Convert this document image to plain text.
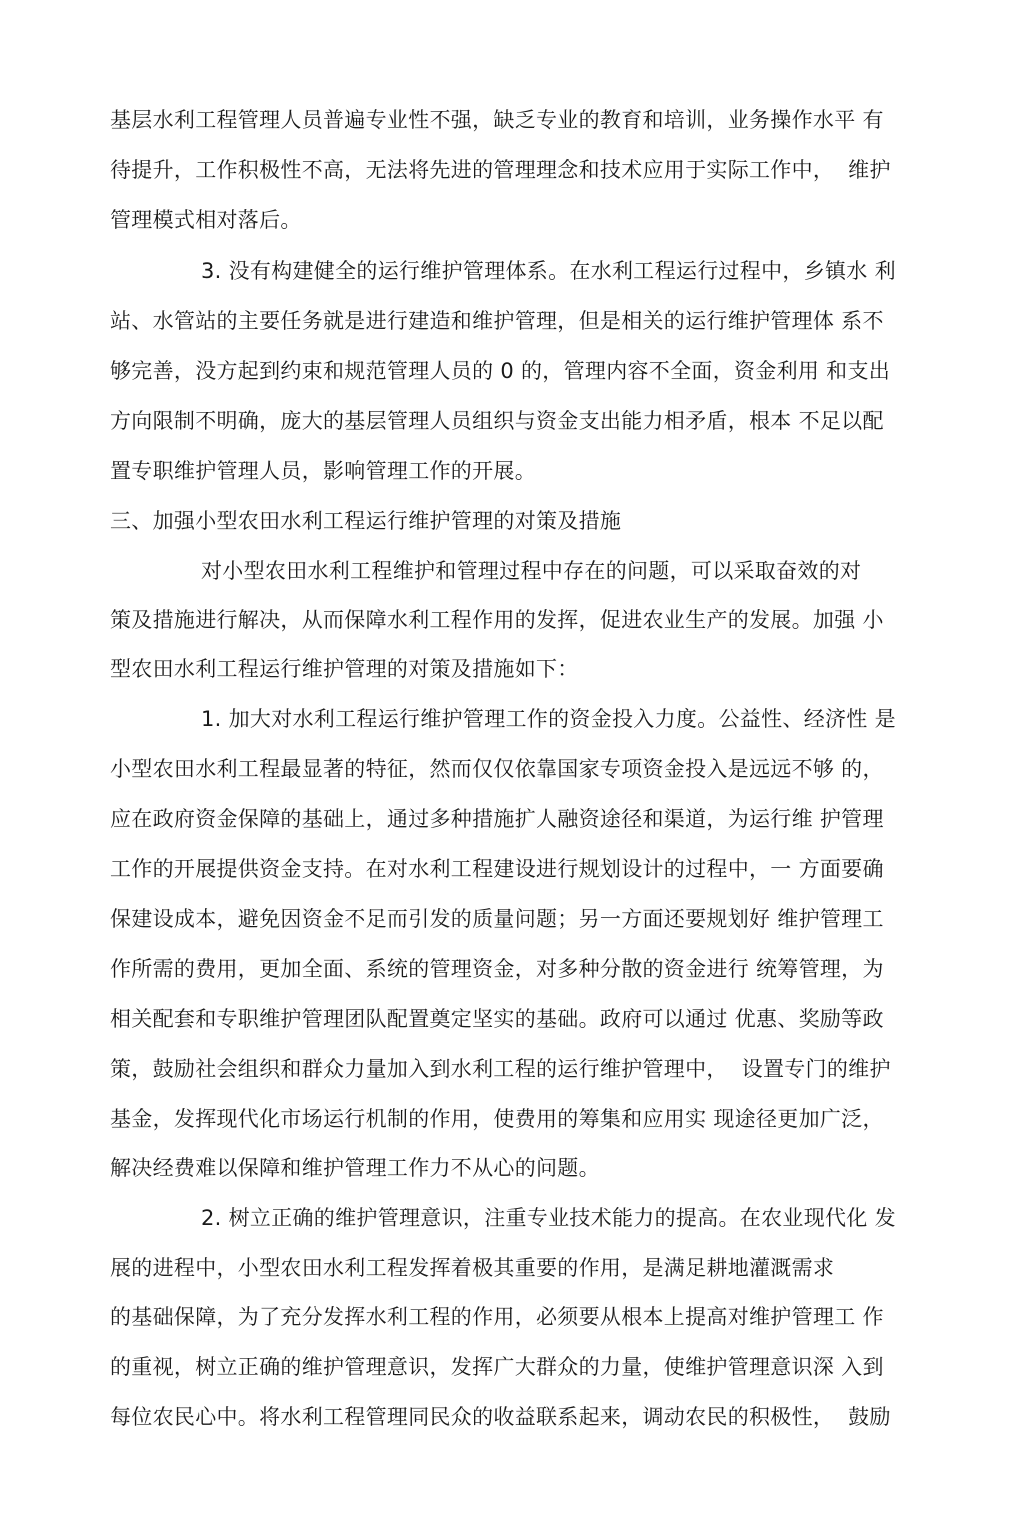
基层水利工程管理人员普遍专业性不强，缺乏专业的教育和培训，业务操作水平 有
待提升，工作积极性不高，无法将先进的管理理念和技术应用于实际工作中，  维护
管理模式相对落后。
3. 没有构建健全的运行维护管理体系。在水利工程运行过程中，乡镇水 利
站、水管站的主要任务就是进行建造和维护管理，但是相关的运行维护管理体 系不
够完善，没方起到约束和规范管理人员的 0 的，管理内容不全面，资金利用 和支出
方向限制不明确，庞大的基层管理人员组织与资金支出能力相矛盾，根本 不足以配
置专职维护管理人员，影响管理工作的开展。
三、加强小型农田水利工程运行维护管理的对策及措施
对小型农田水利工程维护和管理过程中存在的问题，可以采取奋效的对
策及措施进行解决，从而保障水利工程作用的发挥，促进农业生产的发展。加强 小
型农田水利工程运行维护管理的对策及措施如下：
1. 加大对水利工程运行维护管理工作的资金投入力度。公益性、经济性 是
小型农田水利工程最显著的特征，然而仅仅依靠国家专项资金投入是远远不够 的，
应在政府资金保障的基础上，通过多种措施扩人融资途径和渠道，为运行维 护管理
工作的开展提供资金支持。在对水利工程建设进行规划设计的过程中，一 方面要确
保建设成本，避免因资金不足而引发的质量问题；另一方面还要规划好 维护管理工
作所需的费用，更加全面、系统的管理资金，对多种分散的资金进行 统筹管理，为
相关配套和专职维护管理团队配置奠定坚实的基础。政府可以通过 优惠、奖励等政
策，鼓励社会组织和群众力量加入到水利工程的运行维护管理中，  设置专门的维护
基金，发挥现代化市场运行机制的作用，使费用的筹集和应用实 现途径更加广泛，
解决经费难以保障和维护管理工作力不从心的问题。
2. 树立正确的维护管理意识，注重专业技术能力的提高。在农业现代化 发
展的进程中，小型农田水利工程发挥着极其重要的作用，是满足耕地灌溉需求
的基础保障，为了充分发挥水利工程的作用，必须要从根本上提高对维护管理工 作
的重视，树立正确的维护管理意识，发挥广大群众的力量，使维护管理意识深 入到
每位农民心中。将水利工程管理同民众的收益联系起来，调动农民的积极性，  鼓励
